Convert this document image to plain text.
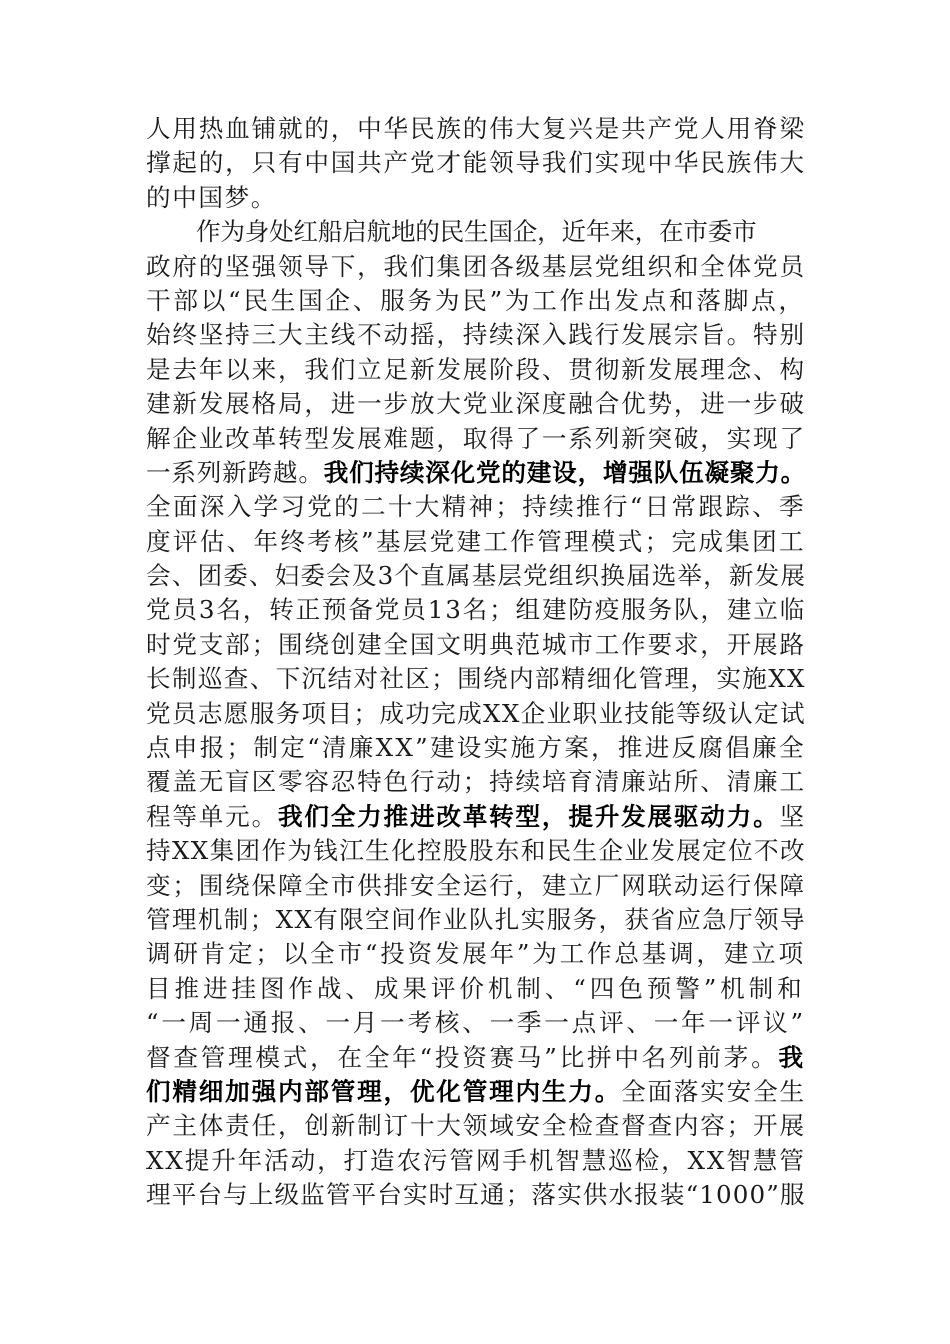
人用热血铺就的，中华民族的伟大复兴是共产党人用脊梁
撑起的，只有中国共产党才能领导我们实现中华民族伟大
的中国梦。
作为身处红船启航地的民生国企，近年来，在市委市
政府的坚强领导下，我们集团各级基层党组织和全体党员
干部以“民生国企、服务为民”为工作出发点和落脚点，
始终坚持三大主线不动摇，持续深入践行发展宗旨。特别
是去年以来，我们立足新发展阶段、贯彻新发展理念、构
建新发展格局，进一步放大党业深度融合优势，进一步破
解企业改革转型发展难题，取得了一系列新突破，实现了
一系列新跨越。我们持续深化党的建设，增强队伍凝聚力。
全面深入学习党的二十大精神；持续推行“日常跟踪、季
度评估、年终考核”基层党建工作管理模式；完成集团工
会、团委、妇委会及3个直属基层党组织换届选举，新发展
党员3名，转正预备党员13名；组建防疫服务队，建立临
时党支部；围绕创建全国文明典范城市工作要求，开展路
长制巡查、下沉结对社区；围绕内部精细化管理，实施XX
党员志愿服务项目；成功完成XX企业职业技能等级认定试
点申报；制定“清廉XX”建设实施方案，推进反腐倡廉全
覆盖无盲区零容忍特色行动；持续培育清廉站所、清廉工
程等单元。我们全力推进改革转型，提升发展驱动力。坚
持XX集团作为钱江生化控股股东和民生企业发展定位不改
变；围绕保障全市供排安全运行，建立厂网联动运行保障
管理机制；XX有限空间作业队扎实服务，获省应急厅领导
调研肯定；以全市“投资发展年”为工作总基调，建立项
目推进挂图作战、成果评价机制、“四色预警”机制和
“一周一通报、一月一考核、一季一点评、一年一评议”
督查管理模式，在全年“投资赛马”比拼中名列前茅。我
们精细加强内部管理，优化管理内生力。全面落实安全生
产主体责任，创新制订十大领域安全检查督查内容；开展
XX提升年活动，打造农污管网手机智慧巡检，XX智慧管
理平台与上级监管平台实时互通；落实供水报装“1000”服
